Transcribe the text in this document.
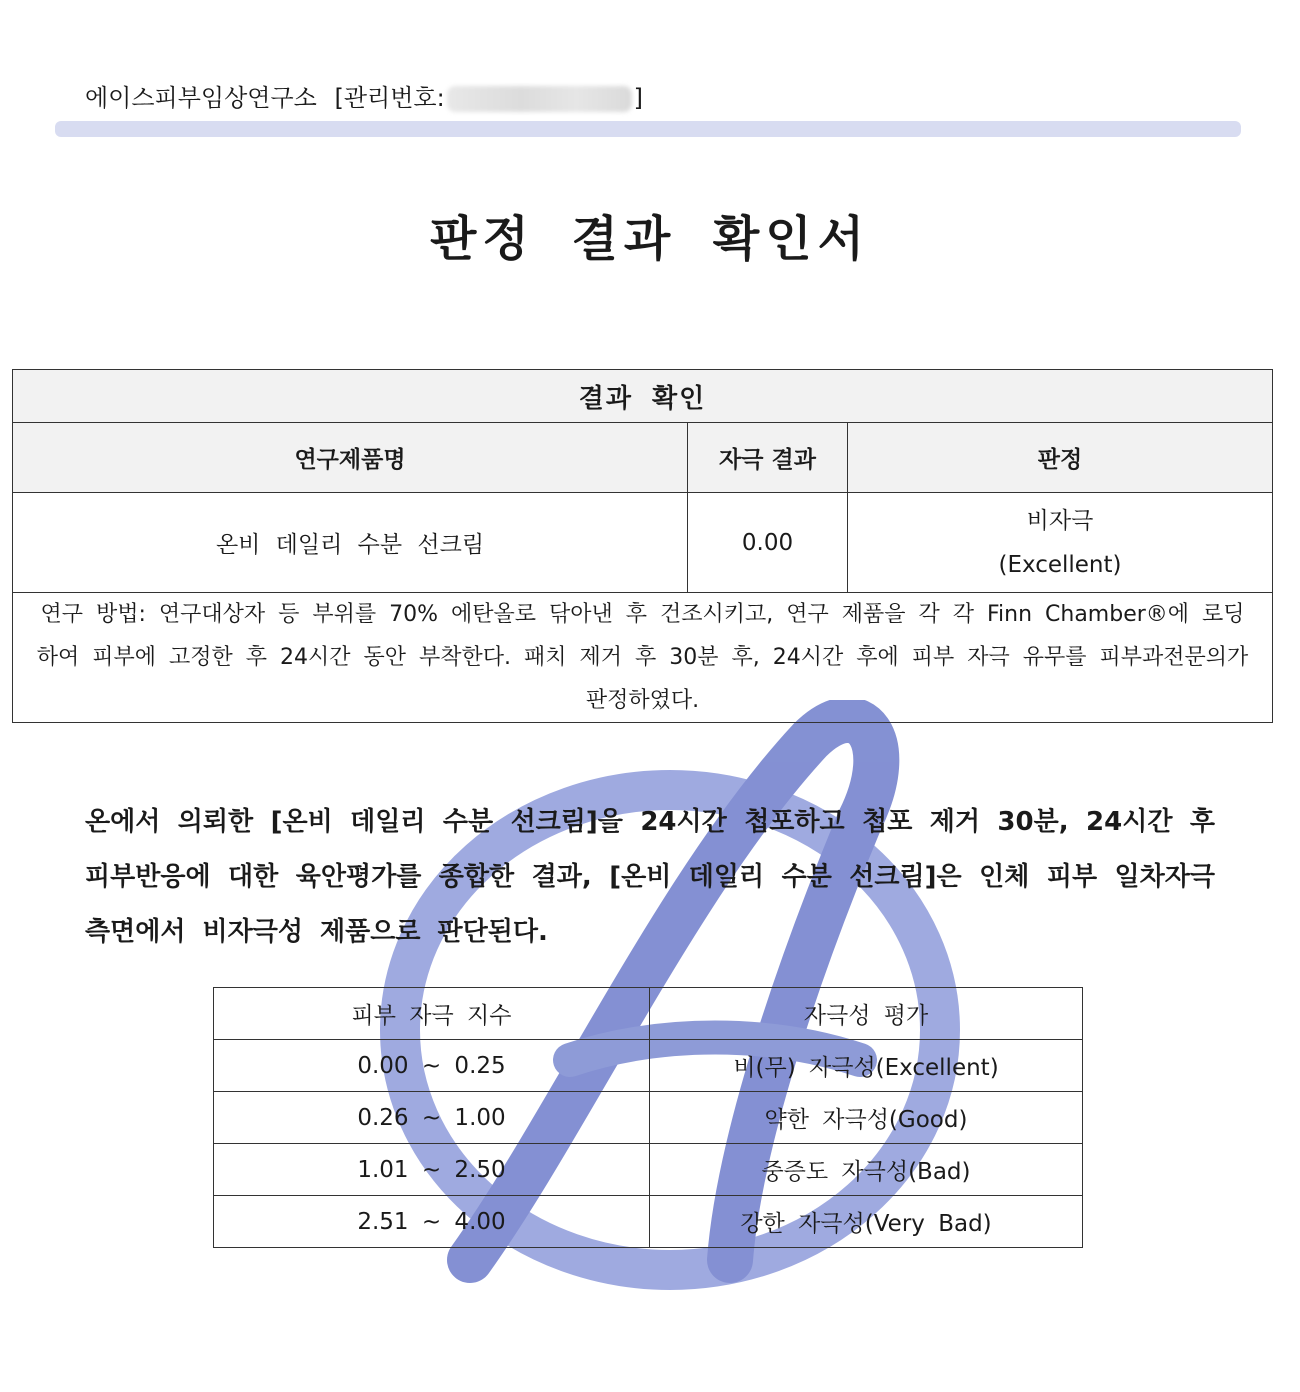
에이스피부임상연구소 [관리번호:	]
판정 결과 확인서
결과 확인		
연구제품명	자극 결과	판정
온비 데일리 수분 선크림	0.00	비자극
(Excellent)

연구 방법: 연구대상자 등 부위를 70% 에탄올로 닦아낸 후 건조시키고, 연구 제품을 각 각 Finn Chamber®에 로딩하여 피부에 고정한 후 24시간 동안 부착한다. 패치 제거 후 30분 후, 24시간 후에 피부 자극 유무를 피부과전문의가 판정하였다.		
온에서 의뢰한 [온비 데일리 수분 선크림]을 24시간 첩포하고 첩포 제거 30분, 24시간 후 피부반응에 대한 육안평가를 종합한 결과, [온비 데일리 수분 선크림]은 인체 피부 일차자극 측면에서 비자극성 제품으로 판단된다.
피부 자극 지수	자극성 평가
0.00 ~ 0.25	비(무) 자극성(Excellent)
0.26 ~ 1.00	약한 자극성(Good)
1.01 ~ 2.50	중증도 자극성(Bad)
2.51 ~ 4.00	강한 자극성(Very Bad)
